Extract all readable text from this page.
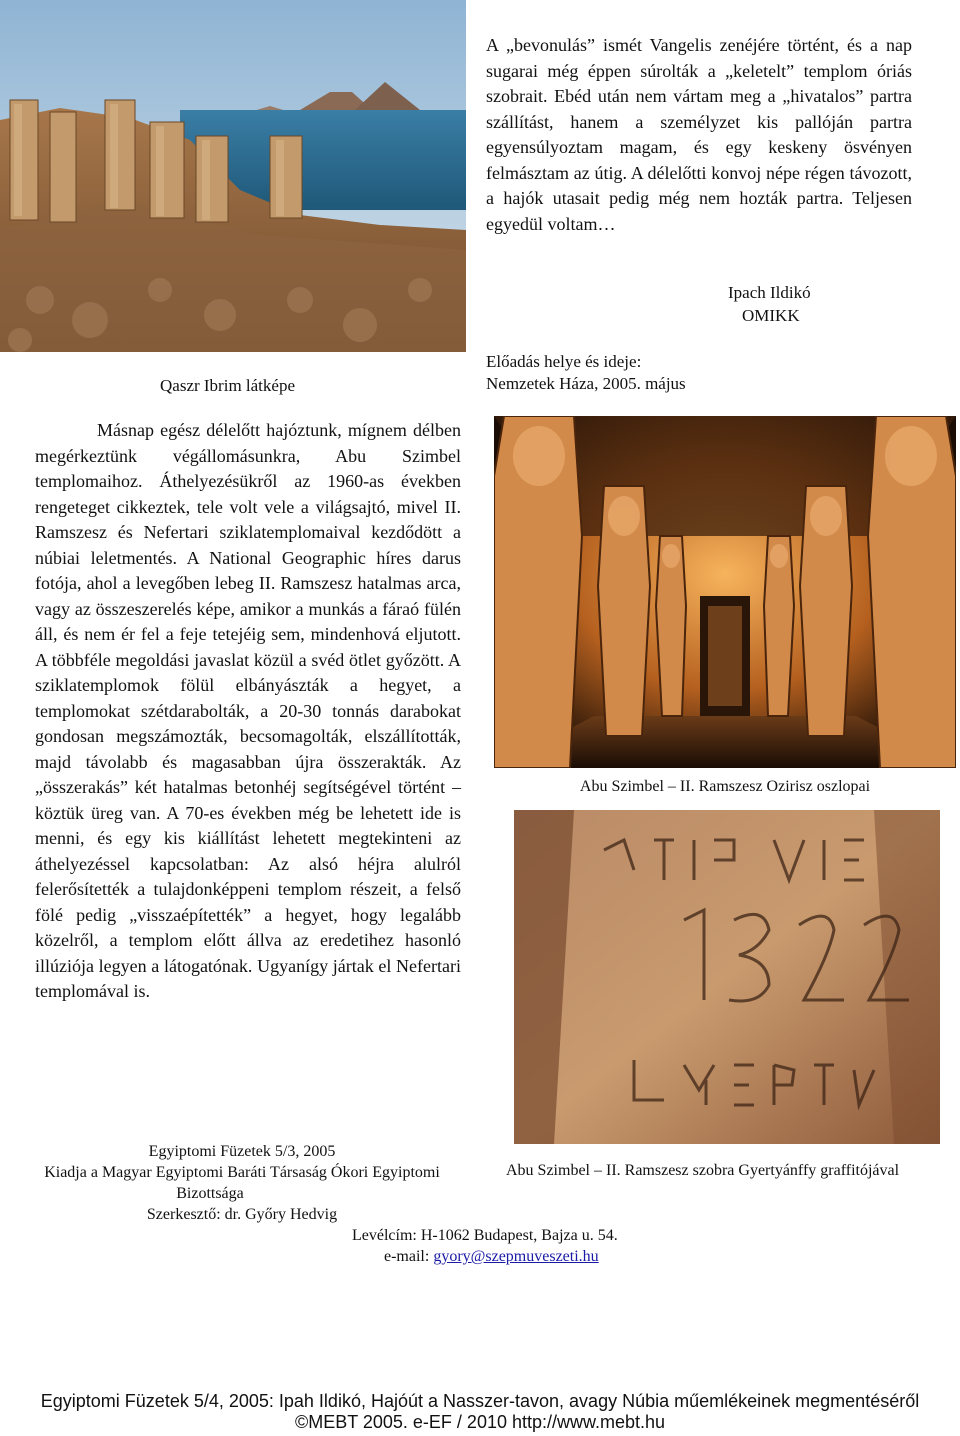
A „bevonulás” ismét Vangelis zenéjére történt, és a nap sugarai még éppen súrolták a „keletelt” templom óriás szobrait. Ebéd után nem vártam meg a „hivatalos” partra szállítást, hanem a személyzet kis pallóján partra egyensúlyoztam magam, és egy keskeny ösvényen felmásztam az útig. A délelőtti konvoj népe régen távozott, a hajók utasait pedig még nem hozták partra. Teljesen egyedül voltam…
Ipach Ildikó
OMIKK
Qaszr Ibrim látképe
Előadás helye és ideje:
Nemzetek Háza, 2005. május
Másnap egész délelőtt hajóztunk, mígnem délben megérkeztünk végállomásunkra, Abu Szimbel templomaihoz. Áthelyezésükről az 1960-as években rengeteget cikkeztek, tele volt vele a világsajtó, mivel II. Ramszesz és Nefertari sziklatemplomaival kezdődött a núbiai leletmentés. A National Geographic híres darus fotója, ahol a levegőben lebeg II. Ramszesz hatalmas arca, vagy az összeszerelés képe, amikor a munkás a fáraó fülén áll, és nem ér fel a feje tetejéig sem, mindenhová eljutott. A többféle megoldási javaslat közül a svéd ötlet győzött. A sziklatemplomok fölül elbányászták a hegyet, a templomokat szétdarabolták, a 20-30 tonnás darabokat gondosan megszámozták, becsomagolták, elszállították, majd távolabb és magasabban újra összerakták. Az „összerakás” két hatalmas betonhéj segítségével történt – köztük üreg van. A 70-es években még be lehetett ide is menni, és egy kis kiállítást lehetett megtekinteni az áthelyezéssel kapcsolatban: Az alsó héjra alulról felerősítették a tulajdonképpeni templom részeit, a felső fölé pedig „visszaépítették” a hegyet, hogy legalább közelről, a templom előtt állva az eredetihez hasonló illúziója legyen a látogatónak. Ugyanígy jártak el Nefertari templomával is.
Abu Szimbel – II. Ramszesz Ozirisz oszlopai
Abu Szimbel – II. Ramszesz szobra Gyertyánffy graffitójával
Egyiptomi Füzetek 5/3, 2005
Kiadja a Magyar Egyiptomi Baráti Társaság Ókori Egyiptomi
Bizottsága
Szerkesztő: dr. Győry Hedvig
Levélcím: H-1062 Budapest, Bajza u. 54.
e-mail: gyory@szepmuveszeti.hu
Egyiptomi Füzetek 5/4, 2005: Ipah Ildikó, Hajóút a Nasszer-tavon, avagy Núbia műemlékeinek megmentéséről
©MEBT 2005. e-EF / 2010 http://www.mebt.hu
